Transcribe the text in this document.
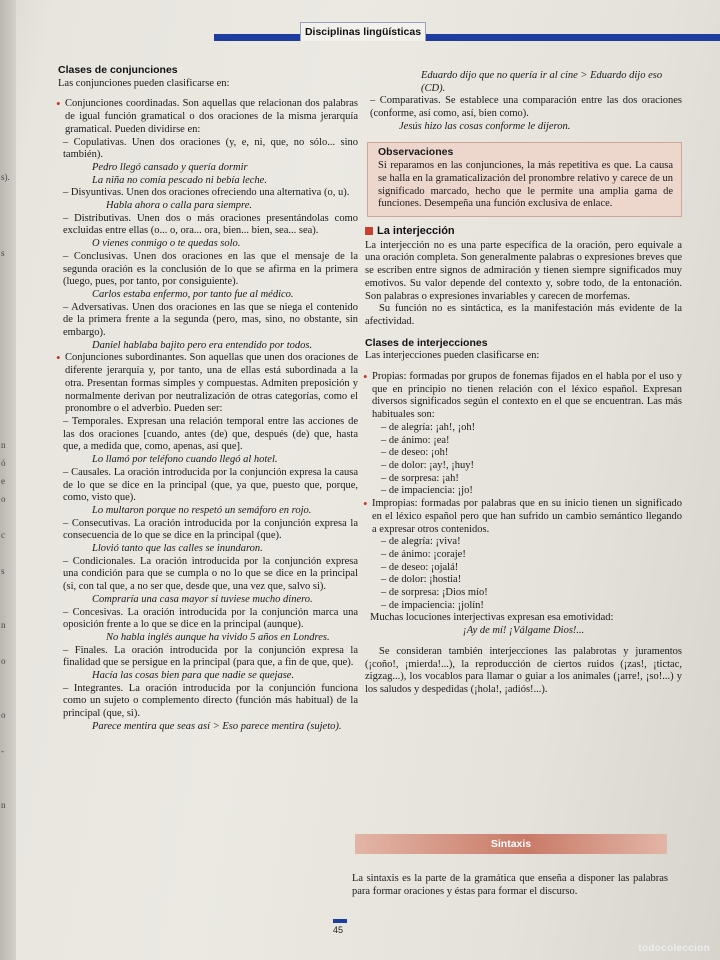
s).
s
n
ó
e
o
c
s
n
o
o
-
n
Disciplinas lingüísticas
Clases de conjunciones

Las conjunciones pueden clasificarse en:

• Conjunciones coordinadas. Son aquellas que relacionan dos palabras de igual función gramatical o dos oraciones de la misma jerarquía gramatical. Pueden dividirse en:

– Copulativas. Unen dos oraciones (y, e, ni, que, no sólo... sino también).

Pedro llegó cansado y quería dormir

La niña no comía pescado ni bebía leche.

– Disyuntivas. Unen dos oraciones ofreciendo una alternativa (o, u).

Habla ahora o calla para siempre.

– Distributivas. Unen dos o más oraciones presentándolas como excluidas entre ellas (o... o, ora... ora, bien... bien, sea... sea).

O vienes conmigo o te quedas solo.

– Conclusivas. Unen dos oraciones en las que el mensaje de la segunda oración es la conclusión de lo que se afirma en la primera (luego, pues, por tanto, por consiguiente).

Carlos estaba enfermo, por tanto fue al médico.

– Adversativas. Unen dos oraciones en las que se niega el contenido de la primera frente a la segunda (pero, mas, sino, no obstante, sin embargo).

Daniel hablaba bajito pero era entendido por todos.

• Conjunciones subordinantes. Son aquellas que unen dos oraciones de diferente jerarquía y, por tanto, una de ellas está subordinada a la otra. Presentan formas simples y compuestas. Admiten preposición y normalmente derivan por neutralización de otras categorías, como el pronombre o el adverbio. Pueden ser:

– Temporales. Expresan una relación temporal entre las acciones de las dos oraciones [cuando, antes (de) que, después (de) que, hasta que, a medida que, como, apenas, así que].

Lo llamó por teléfono cuando llegó al hotel.

– Causales. La oración introducida por la conjunción expresa la causa de lo que se dice en la principal (que, ya que, puesto que, porque, como, visto que).

Lo multaron porque no respetó un semáforo en rojo.

– Consecutivas. La oración introducida por la conjunción expresa la consecuencia de lo que se dice en la principal (que).

Llovió tanto que las calles se inundaron.

– Condicionales. La oración introducida por la conjunción expresa una condición para que se cumpla o no lo que se dice en la principal (si, con tal que, a no ser que, desde que, una vez que, salvo si).

Compraría una casa mayor si tuviese mucho dinero.

– Concesivas. La oración introducida por la conjunción marca una oposición frente a lo que se dice en la principal (aunque).

No habla inglés aunque ha vivido 5 años en Londres.

– Finales. La oración introducida por la conjunción expresa la finalidad que se persigue en la principal (para que, a fin de que, que).

Hacía las cosas bien para que nadie se quejase.

– Integrantes. La oración introducida por la conjunción funciona como un sujeto o complemento directo (función más habitual) de la principal (que, si).

Parece mentira que seas así > Eso parece mentira (sujeto).

Eduardo dijo que no quería ir al cine > Eduardo dijo eso (CD).

– Comparativas. Se establece una comparación entre las dos oraciones (conforme, así como, así, bien como).

Jesús hizo las cosas conforme le dijeron.

Observaciones

Si reparamos en las conjunciones, la más repetitiva es que. La causa se halla en la gramaticalización del pronombre relativo y carece de un significado marcado, hecho que le permite una amplia gama de funciones. Desempeña una función exclusiva de enlace.

La interjección

La interjección no es una parte específica de la oración, pero equivale a una oración completa. Son generalmente palabras o expresiones breves que se escriben entre signos de admiración y tienen siempre significados muy emotivos. Su valor depende del contexto y, sobre todo, de la entonación. Son palabras o expresiones invariables y carecen de morfemas.

Su función no es sintáctica, es la manifestación más evidente de la afectividad.

Clases de interjecciones

Las interjecciones pueden clasificarse en:

• Propias: formadas por grupos de fonemas fijados en el habla por el uso y que en principio no tienen relación con el léxico español. Expresan diversos significados según el contexto en el que se encuentran. Las más habituales son:

– de alegría: ¡ah!, ¡oh!

– de ánimo: ¡ea!

– de deseo: ¡oh!

– de dolor: ¡ay!, ¡huy!

– de sorpresa: ¡ah!

– de impaciencia: ¡jo!

• Impropias: formadas por palabras que en su inicio tienen un significado en el léxico español pero que han sufrido un cambio semántico llegando a expresar otros contenidos.

– de alegría: ¡viva!

– de ánimo: ¡coraje!

– de deseo: ¡ojalá!

– de dolor: ¡hostia!

– de sorpresa: ¡Dios mío!

– de impaciencia: ¡jolín!

Muchas locuciones interjectivas expresan esa emotividad:

¡Ay de mí! ¡Válgame Dios!...

Se consideran también interjecciones las palabrotas y juramentos (¡coño!, ¡mierda!...), la reproducción de ciertos ruidos (¡zas!, ¡tictac, zigzag...), los vocablos para llamar o guiar a los animales (¡arre!, ¡so!...) y los saludos y despedidas (¡hola!, ¡adiós!...).

Sintaxis

La sintaxis es la parte de la gramática que enseña a disponer las palabras para formar oraciones y éstas para formar el discurso.

45
todocoleccion
